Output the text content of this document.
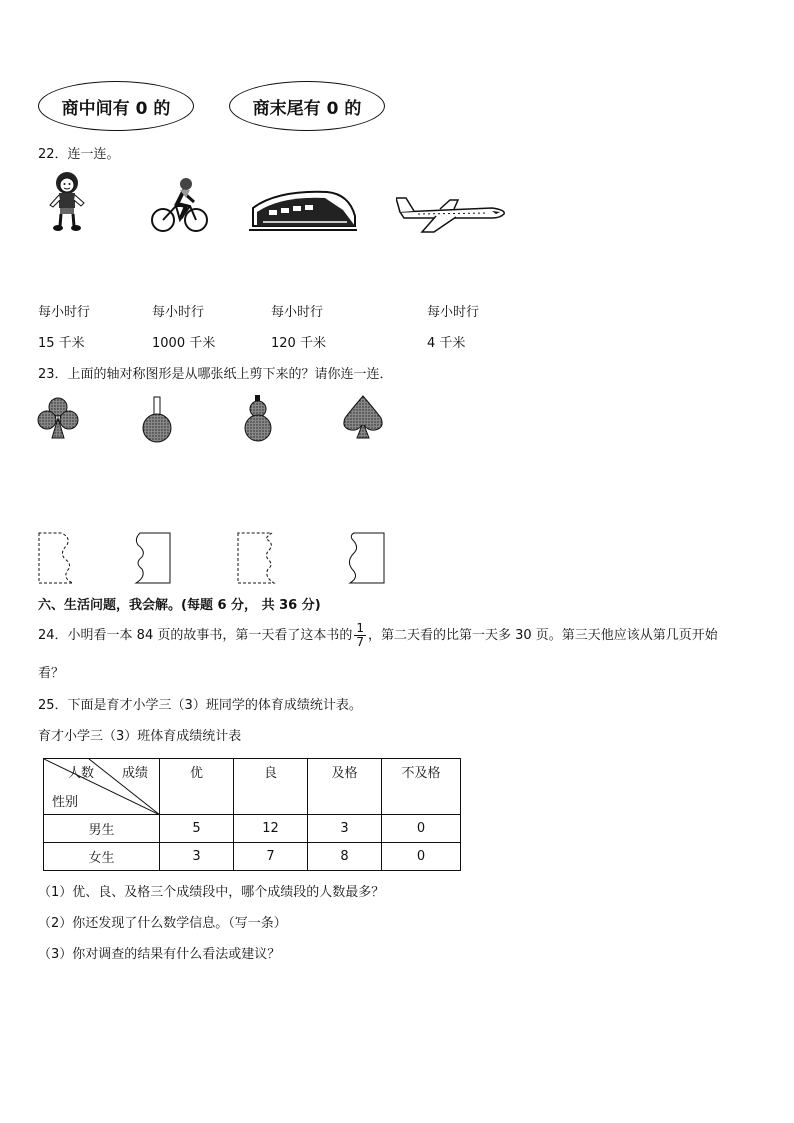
商中间有 0 的	商末尾有 0 的
22．连一连。
每小时行	每小时行	每小时行	每小时行
15 千米	1000 千米	120 千米	4 千米
23．上面的轴对称图形是从哪张纸上剪下来的？请你连一连．
六、生活问题，我会解。(每题 6 分， 共 36 分)
24．小明看一本 84 页的故事书，第一天看了这本书的 $\frac{1}{7}$ ，第二天看的比第一天多 30 页。第三天他应该从第几页开始
看？
25．下面是育才小学三（3）班同学的体育成绩统计表。
育才小学三（3）班体育成绩统计表
人数 成绩
性别	优	良	及格	不及格
男生	5	12	3	0
女生	3	7	8	0
（1）优、良、及格三个成绩段中，哪个成绩段的人数最多？
（2）你还发现了什么数学信息。（写一条）
（3）你对调查的结果有什么看法或建议？
